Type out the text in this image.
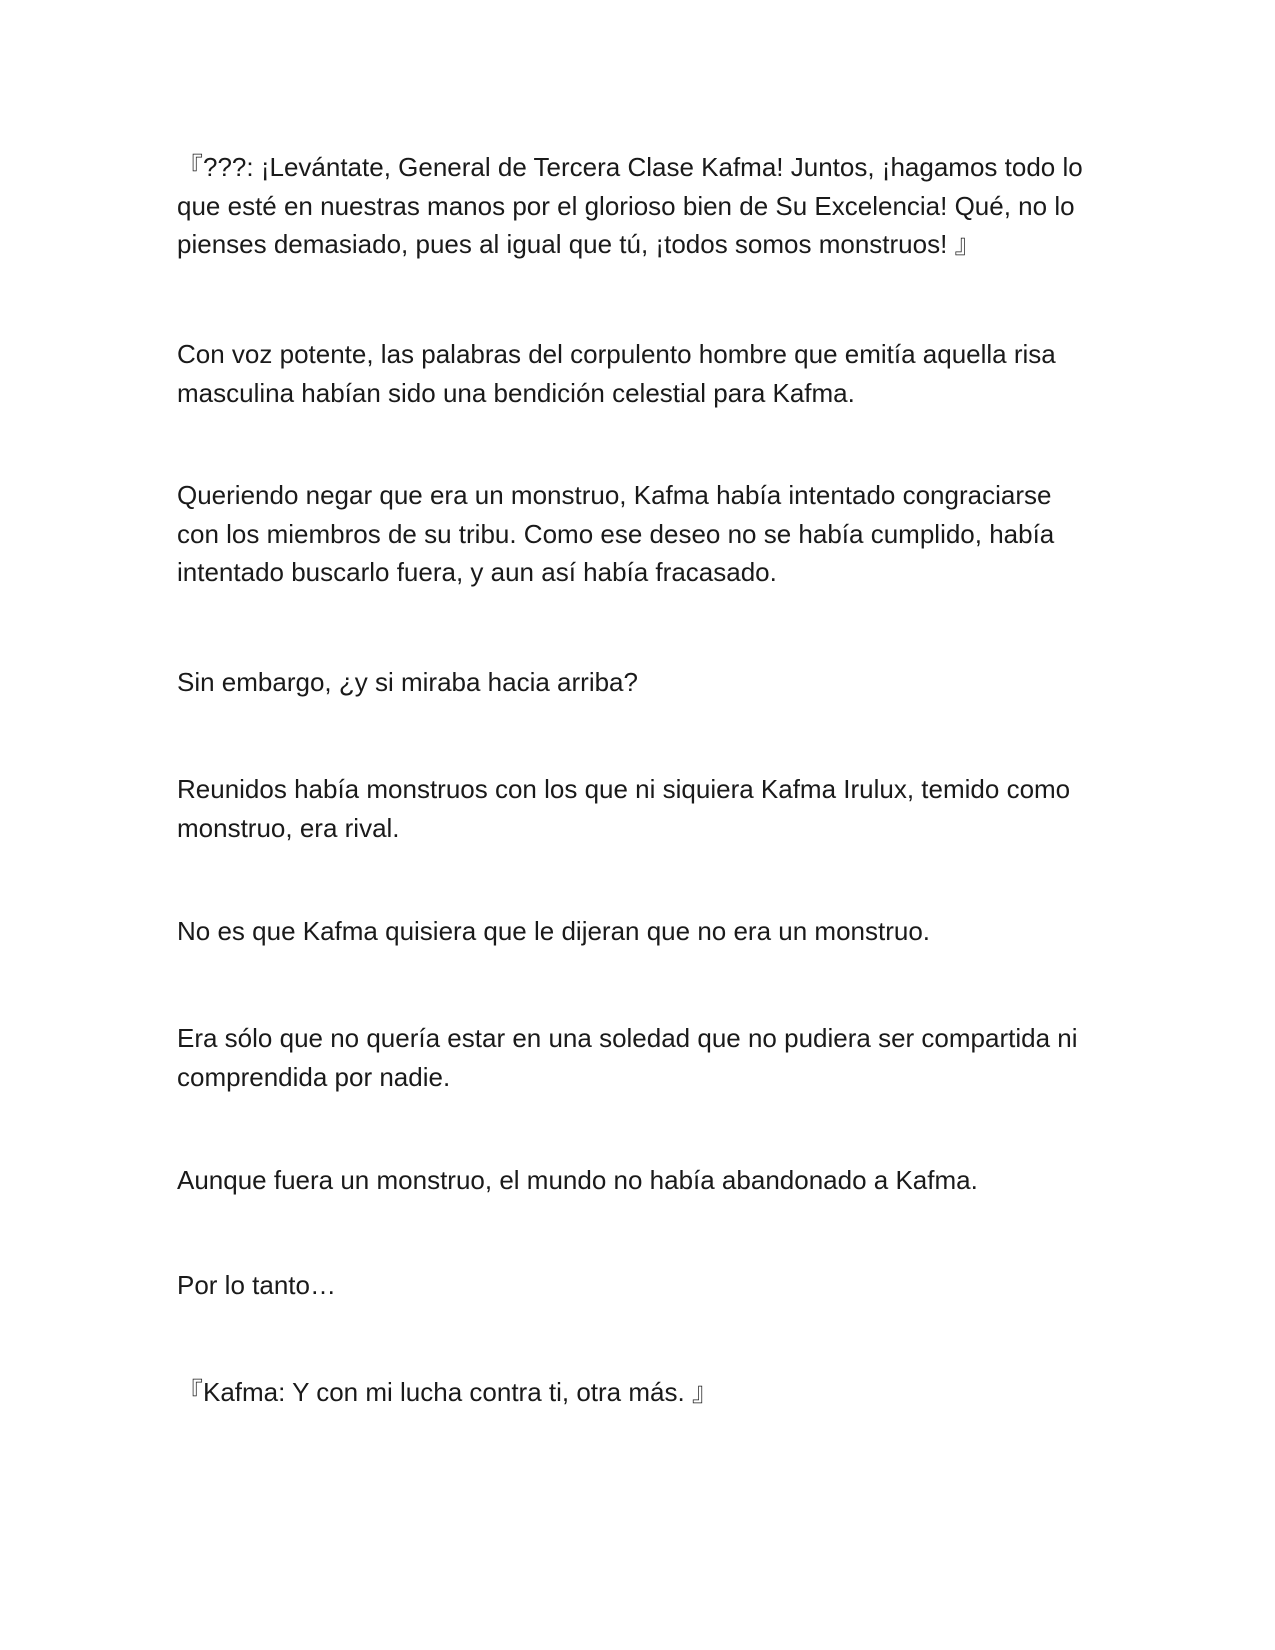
『???: ¡Levántate, General de Tercera Clase Kafma! Juntos, ¡hagamos todo lo
que esté en nuestras manos por el glorioso bien de Su Excelencia! Qué, no lo
pienses demasiado, pues al igual que tú, ¡todos somos monstruos! 』

Con voz potente, las palabras del corpulento hombre que emitía aquella risa
masculina habían sido una bendición celestial para Kafma.

Queriendo negar que era un monstruo, Kafma había intentado congraciarse
con los miembros de su tribu. Como ese deseo no se había cumplido, había
intentado buscarlo fuera, y aun así había fracasado.

Sin embargo, ¿y si miraba hacia arriba?

Reunidos había monstruos con los que ni siquiera Kafma Irulux, temido como
monstruo, era rival.

No es que Kafma quisiera que le dijeran que no era un monstruo.

Era sólo que no quería estar en una soledad que no pudiera ser compartida ni
comprendida por nadie.

Aunque fuera un monstruo, el mundo no había abandonado a Kafma.

Por lo tanto…

『Kafma: Y con mi lucha contra ti, otra más. 』
